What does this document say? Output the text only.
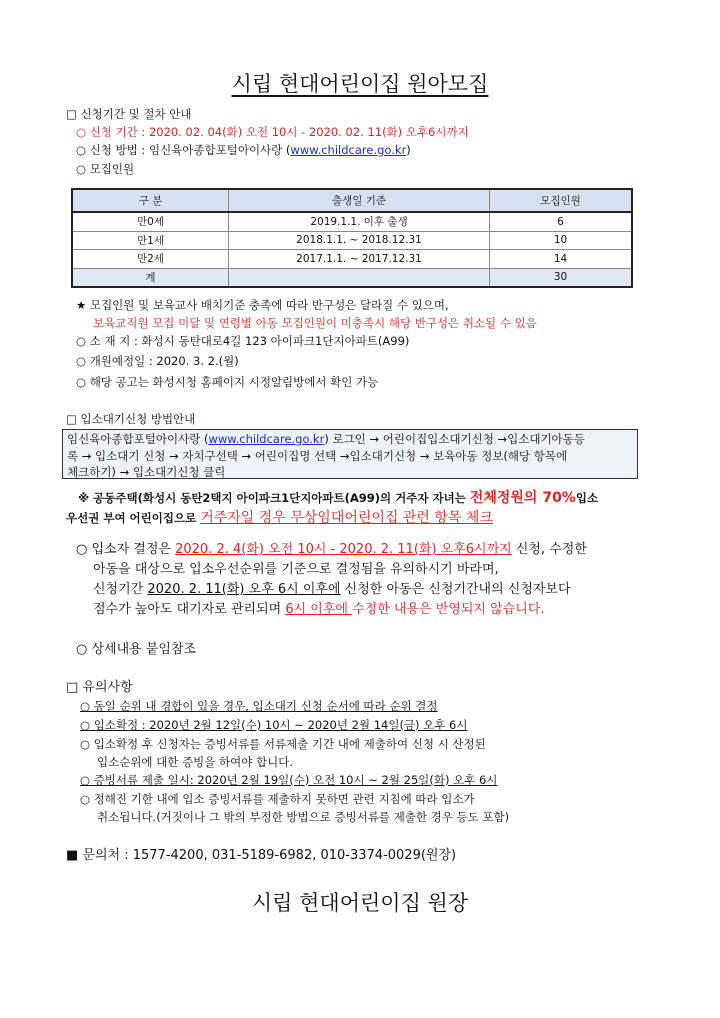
시립 현대어린이집 원아모집
□ 신청기간 및 절차 안내
○ 신청 기간 : 2020. 02. 04(화) 오전 10시 - 2020. 02. 11(화) 오후6시까지
○ 신청 방법 : 임신육아종합포털아이사랑 (www.childcare.go.kr)
○ 모집인원
구 분	출생일 기준	모집인원
만0세	2019.1.1. 이후 출생	6
만1세	2018.1.1. ~ 2018.12.31	10
만2세	2017.1.1. ~ 2017.12.31	14
계		30
★ 모집인원 및 보육교사 배치기준 충족에 따라 반구성은 달라질 수 있으며,
보육교직원 모집 미달 및 연령별 아동 모집인원이 미충족시 해당 반구성은 취소될 수 있음
○ 소 재 지 : 화성시 동탄대로4길 123 아이파크1단지아파트(A99)
○ 개원예정일 : 2020. 3. 2.(월)
○ 해당 공고는 화성시청 홈페이지 시정알림방에서 확인 가능
□ 입소대기신청 방법안내
임신육아종합포털아이사랑 (www.childcare.go.kr) 로그인 → 어린이집입소대기신청 →입소대기아동등
록 → 입소대기 신청 → 자치구선택 → 어린이집명 선택 →입소대기신청 → 보육아동 정보(해당 항목에
체크하기) → 입소대기신청 클릭
※ 공동주택(화성시 동탄2택지 아이파크1단지아파트(A99)의 거주자 자녀는 전체정원의 70%입소
우선권 부여 어린이집으로 거주자일 경우 무상임대어린이집 관련 항목 체크
○ 입소자 결정은 2020. 2. 4(화) 오전 10시 - 2020. 2. 11(화) 오후6시까지 신청, 수정한
아동을 대상으로 입소우선순위를 기준으로 결정됨을 유의하시기 바라며,
신청기간 2020. 2. 11(화) 오후 6시 이후에 신청한 아동은 신청기간내의 신청자보다
점수가 높아도 대기자로 관리되며 6시 이후에 수정한 내용은 반영되지 않습니다.
○ 상세내용 붙임참조
□ 유의사항
○ 동일 순위 내 경합이 있을 경우, 입소대기 신청 순서에 따라 순위 결정
○ 입소확정 : 2020년 2월 12일(수) 10시 ~ 2020년 2월 14일(금) 오후 6시
○ 입소확정 후 신청자는 증빙서류를 서류제출 기간 내에 제출하여 신청 시 산정된
입소순위에 대한 증빙을 하여야 합니다.
○ 증빙서류 제출 일시: 2020년 2월 19일(수) 오전 10시 ~ 2월 25일(화) 오후 6시
○ 정해진 기한 내에 입소 증빙서류를 제출하지 못하면 관련 지침에 따라 입소가
취소됩니다.(거짓이나 그 밖의 부정한 방법으로 증빙서류를 제출한 경우 등도 포함)
■ 문의처 : 1577-4200, 031-5189-6982, 010-3374-0029(원장)
시립 현대어린이집 원장
